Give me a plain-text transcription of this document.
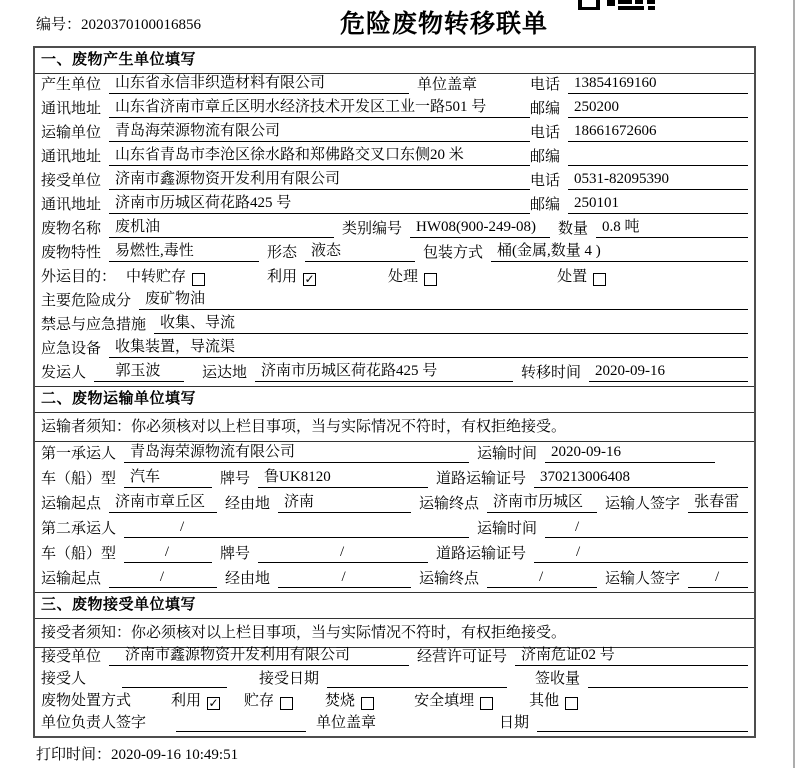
编号：2020370100016856	危险废物转移联单
一、废物产生单位填写
产生单位 山东省永信非织造材料有限公司	单位盖章	电话 13854169160
通讯地址 山东省济南市章丘区明水经济技术开发区工业一路501 号	邮编 250200
运输单位 青岛海荣源物流有限公司	电话 18661672606
通讯地址 山东省青岛市李沧区徐水路和郑佛路交叉口东侧20 米	邮编
接受单位 济南市鑫源物资开发利用有限公司	电话 0531-82095390
通讯地址 济南市历城区荷花路425 号	邮编 250101
废物名称 废机油	类别编号 HW08(900-249-08)	数量 0.8 吨
废物特性 易燃性,毒性	形态 液态	包装方式 桶(金属,数量 4 )
外运目的： 中转贮存	利用 ✓	处理	处置
主要危险成分 废矿物油
禁忌与应急措施 收集、导流
应急设备 收集装置，导流渠
发运人	郭玉波	运达地 济南市历城区荷花路425 号	转移时间 2020-09-16
二、废物运输单位填写
运输者须知：你必须核对以上栏目事项，当与实际情况不符时，有权拒绝接受。
第一承运人 青岛海荣源物流有限公司	运输时间 2020-09-16
车（船）型 汽车	牌号 鲁UK8120	道路运输证号 370213006408
运输起点 济南市章丘区	经由地 济南	运输终点 济南市历城区	运输人签字 张春雷
第二承运人	/	运输时间	/
车（船）型	/	牌号	/	道路运输证号	/
运输起点	/	经由地	/	运输终点	/	运输人签字	/
三、废物接受单位填写
接受者须知：你必须核对以上栏目事项，当与实际情况不符时，有权拒绝接受。
接受单位	济南市鑫源物资开发利用有限公司	经营许可证号 济南危证02 号
接受人	接受日期	签收量
废物处置方式	利用 ✓ 贮存	焚烧	安全填埋	其他
单位负责人签字	单位盖章	日期
打印时间：2020-09-16 10:49:51
